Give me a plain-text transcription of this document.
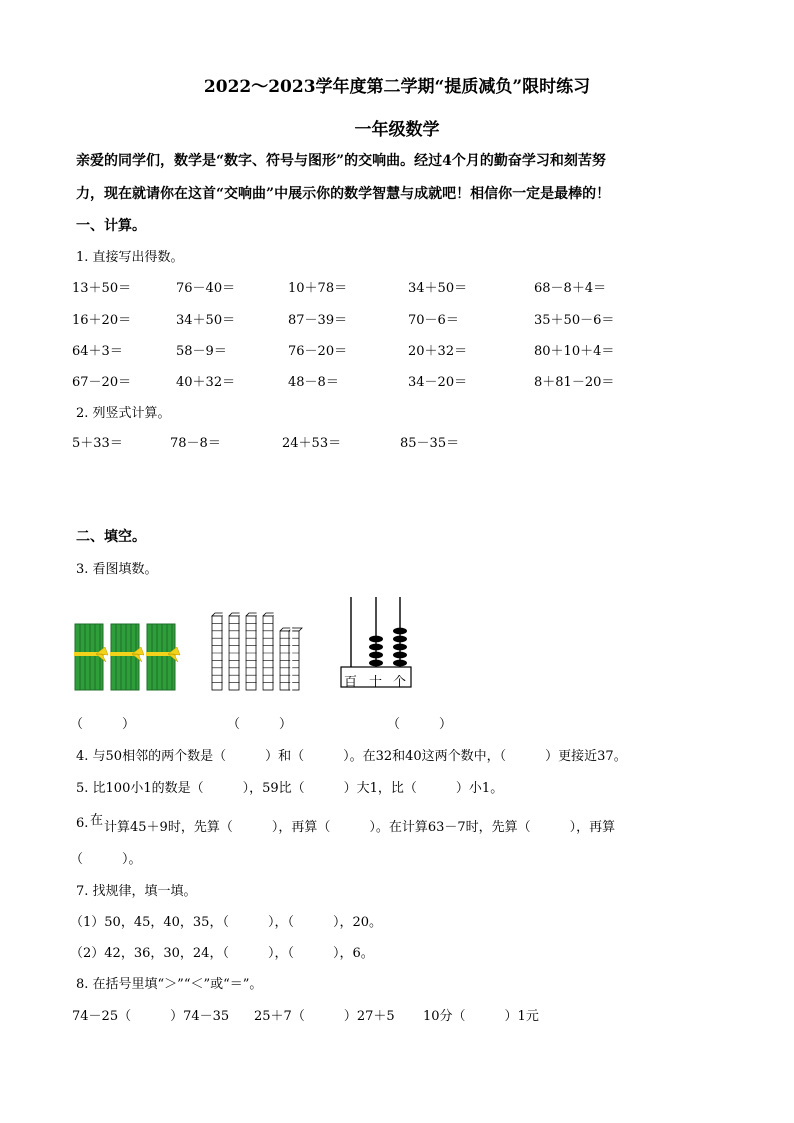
2022～2023学年度第二学期“提质减负”限时练习
一年级数学
亲爱的同学们，数学是“数字、符号与图形”的交响曲。经过4个月的勤奋学习和刻苦努
力，现在就请你在这首“交响曲”中展示你的数学智慧与成就吧！相信你一定是最棒的！
一、计算。
1. 直接写出得数。
13＋50＝	76－40＝	10＋78＝	34＋50＝	68－8＋4＝
16＋20＝	34＋50＝	87－39＝	70－6＝	35＋50－6＝
64＋3＝	58－9＝	76－20＝	20＋32＝	80＋10＋4＝
67－20＝	40＋32＝	48－8＝	34－20＝	8＋81－20＝
2. 列竖式计算。
5＋33＝	78－8＝	24＋53＝	85－35＝
二、填空。
3. 看图填数。
百 十 个
（　　　）	（　　　）	（　　　）
4. 与50相邻的两个数是（　　　）和（　　　）。在32和40这两个数中，（　　　）更接近37。
5. 比100小1的数是（　　　），59比（　　　）大1，比（　　　）小1。
6. 在 计算45＋9时，先算（　　　），再算（　　　）。在计算63－7时，先算（　　　），再算
（　　　）。
7. 找规律，填一填。
（1）50，45，40，35，（　　　），（　　　），20。
（2）42，36，30，24，（　　　），（　　　），6。
8. 在括号里填“＞”“＜”或“＝”。
74－25（　　　）74－35 25＋7（　　　）27＋5 10分（　　　）1元
